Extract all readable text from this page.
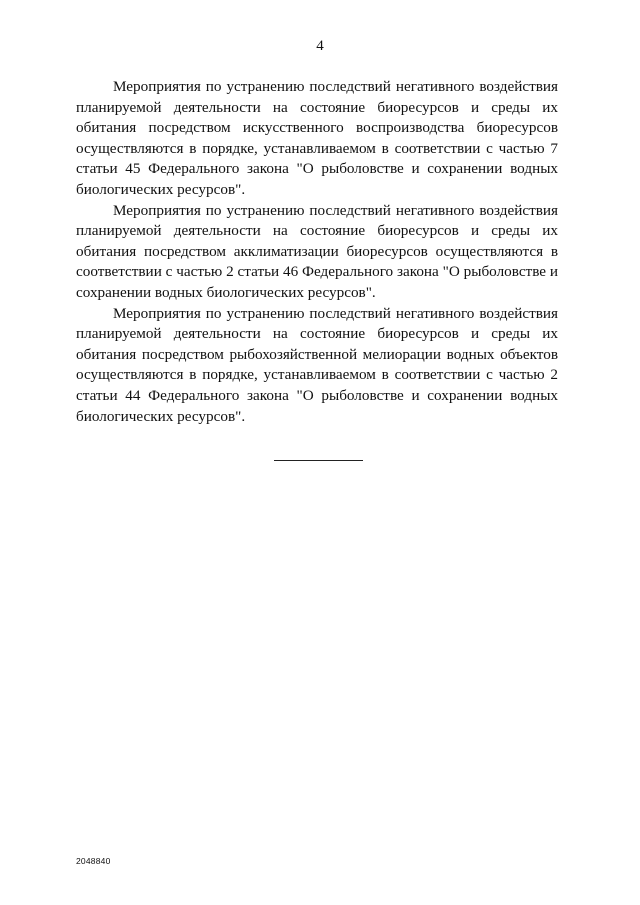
4

Мероприятия по устранению последствий негативного воздействия планируемой деятельности на состояние биоресурсов и среды их обитания посредством искусственного воспроизводства биоресурсов осуществляются в порядке, устанавливаемом в соответствии с частью 7 статьи 45 Федерального закона "О рыболовстве и сохранении водных биологических ресурсов".

Мероприятия по устранению последствий негативного воздействия планируемой деятельности на состояние биоресурсов и среды их обитания посредством акклиматизации биоресурсов осуществляются в соответствии с частью 2 статьи 46 Федерального закона "О рыболовстве и сохранении водных биологических ресурсов".

Мероприятия по устранению последствий негативного воздействия планируемой деятельности на состояние биоресурсов и среды их обитания посредством рыбохозяйственной мелиорации водных объектов осуществляются в порядке, устанавливаемом в соответствии с частью 2 статьи 44 Федерального закона "О рыболовстве и сохранении водных биологических ресурсов".

2048840
